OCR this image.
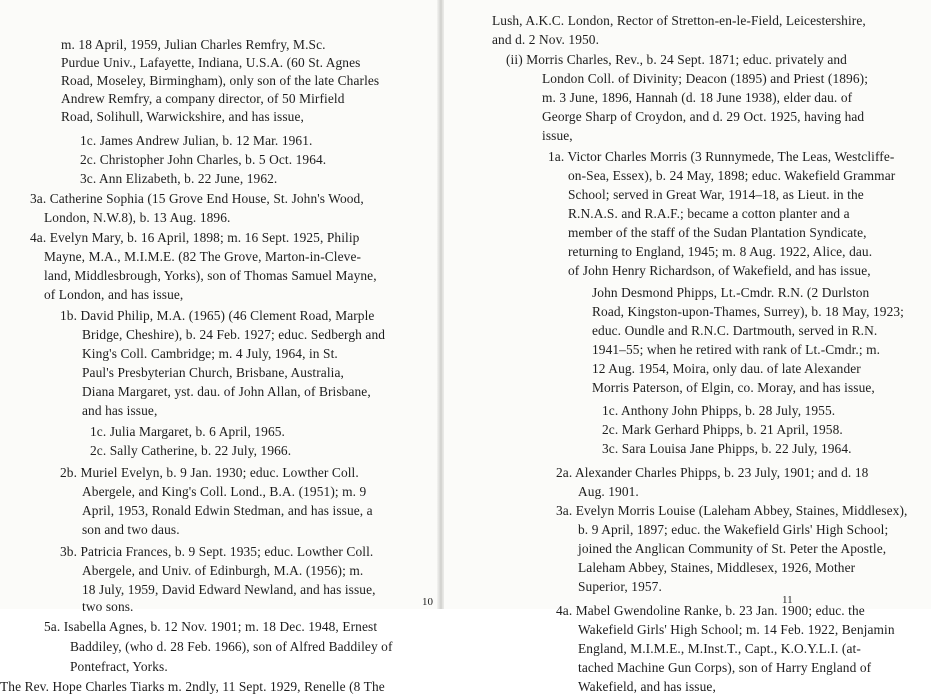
m. 18 April, 1959, Julian Charles Remfry, M.Sc.
Purdue Univ., Lafayette, Indiana, U.S.A. (60 St. Agnes
Road, Moseley, Birmingham), only son of the late Charles
Andrew Remfry, a company director, of 50 Mirfield
Road, Solihull, Warwickshire, and has issue,
1c. James Andrew Julian, b. 12 Mar. 1961.
2c. Christopher John Charles, b. 5 Oct. 1964.
3c. Ann Elizabeth, b. 22 June, 1962.
3a. Catherine Sophia (15 Grove End House, St. John's Wood,
London, N.W.8), b. 13 Aug. 1896.
4a. Evelyn Mary, b. 16 April, 1898; m. 16 Sept. 1925, Philip
Mayne, M.A., M.I.M.E. (82 The Grove, Marton-in-Cleve-
land, Middlesbrough, Yorks), son of Thomas Samuel Mayne,
of London, and has issue,
1b. David Philip, M.A. (1965) (46 Clement Road, Marple
Bridge, Cheshire), b. 24 Feb. 1927; educ. Sedbergh and
King's Coll. Cambridge; m. 4 July, 1964, in St.
Paul's Presbyterian Church, Brisbane, Australia,
Diana Margaret, yst. dau. of John Allan, of Brisbane,
and has issue,
1c. Julia Margaret, b. 6 April, 1965.
2c. Sally Catherine, b. 22 July, 1966.
2b. Muriel Evelyn, b. 9 Jan. 1930; educ. Lowther Coll.
Abergele, and King's Coll. Lond., B.A. (1951); m. 9
April, 1953, Ronald Edwin Stedman, and has issue, a
son and two daus.
3b. Patricia Frances, b. 9 Sept. 1935; educ. Lowther Coll.
Abergele, and Univ. of Edinburgh, M.A. (1956); m.
18 July, 1959, David Edward Newland, and has issue,
two sons.
5a. Isabella Agnes, b. 12 Nov. 1901; m. 18 Dec. 1948, Ernest
Baddiley, (who d. 28 Feb. 1966), son of Alfred Baddiley of
Pontefract, Yorks.
The Rev. Hope Charles Tiarks m. 2ndly, 11 Sept. 1929, Renelle (8 The
Lush, A.K.C. London, Rector of Stretton-en-le-Field, Leicestershire,
and d. 2 Nov. 1950.
(ii) Morris Charles, Rev., b. 24 Sept. 1871; educ. privately and
London Coll. of Divinity; Deacon (1895) and Priest (1896);
m. 3 June, 1896, Hannah (d. 18 June 1938), elder dau. of
George Sharp of Croydon, and d. 29 Oct. 1925, having had
issue,
1a. Victor Charles Morris (3 Runnymede, The Leas, Westcliffe-
on-Sea, Essex), b. 24 May, 1898; educ. Wakefield Grammar
School; served in Great War, 1914–18, as Lieut. in the
R.N.A.S. and R.A.F.; became a cotton planter and a
member of the staff of the Sudan Plantation Syndicate,
returning to England, 1945; m. 8 Aug. 1922, Alice, dau.
of John Henry Richardson, of Wakefield, and has issue,
John Desmond Phipps, Lt.-Cmdr. R.N. (2 Durlston
Road, Kingston-upon-Thames, Surrey), b. 18 May, 1923;
educ. Oundle and R.N.C. Dartmouth, served in R.N.
1941–55; when he retired with rank of Lt.-Cmdr.; m.
12 Aug. 1954, Moira, only dau. of late Alexander
Morris Paterson, of Elgin, co. Moray, and has issue,
1c. Anthony John Phipps, b. 28 July, 1955.
2c. Mark Gerhard Phipps, b. 21 April, 1958.
3c. Sara Louisa Jane Phipps, b. 22 July, 1964.
2a. Alexander Charles Phipps, b. 23 July, 1901; and d. 18
Aug. 1901.
3a. Evelyn Morris Louise (Laleham Abbey, Staines, Middlesex),
b. 9 April, 1897; educ. the Wakefield Girls' High School;
joined the Anglican Community of St. Peter the Apostle,
Laleham Abbey, Staines, Middlesex, 1926, Mother
Superior, 1957.
4a. Mabel Gwendoline Ranke, b. 23 Jan. 1900; educ. the
Wakefield Girls' High School; m. 14 Feb. 1922, Benjamin
England, M.I.M.E., M.Inst.T., Capt., K.O.Y.L.I. (at-
tached Machine Gun Corps), son of Harry England of
Wakefield, and has issue,
10	11
